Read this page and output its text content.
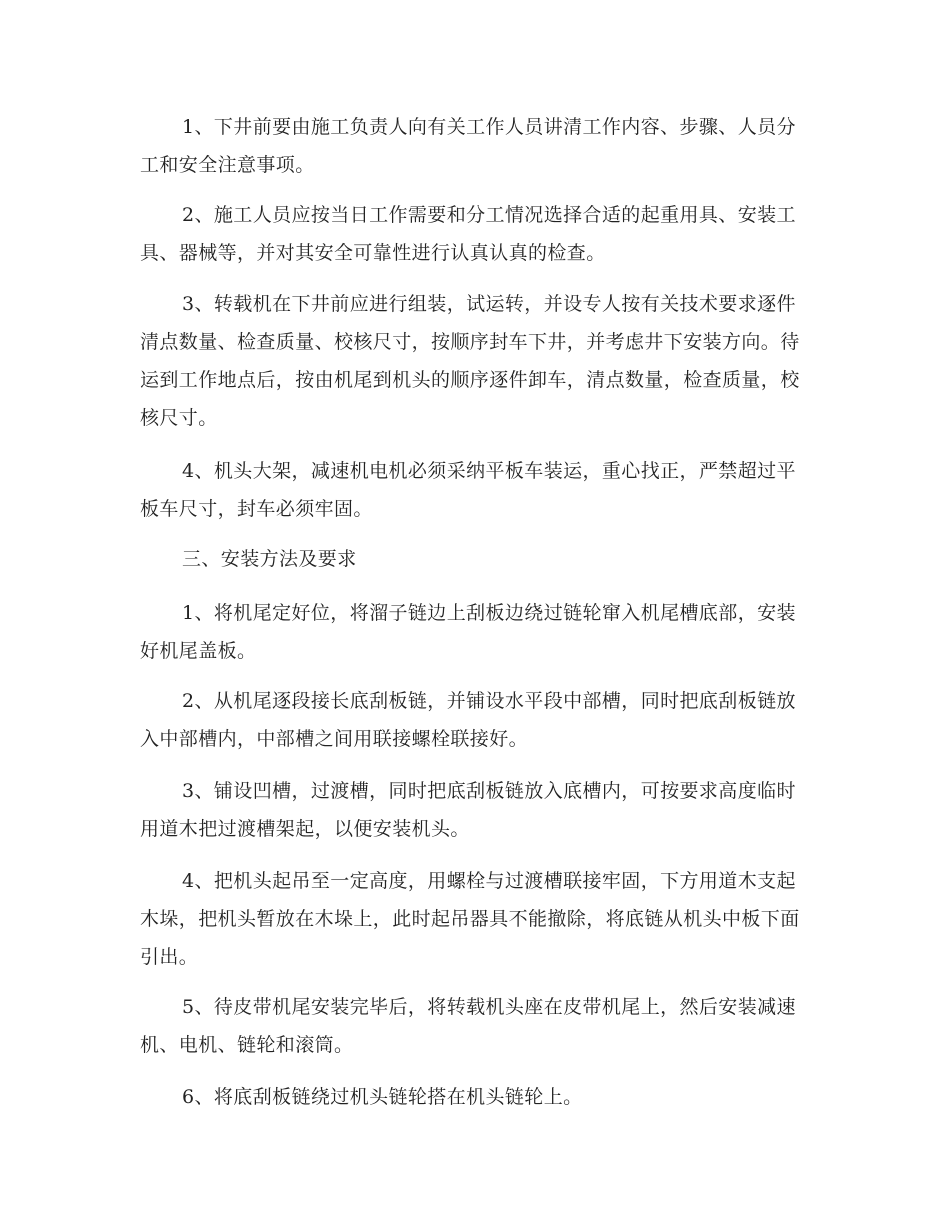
1、下井前要由施工负责人向有关工作人员讲清工作内容、步骤、人员分工和安全注意事项。

2、施工人员应按当日工作需要和分工情况选择合适的起重用具、安装工具、器械等，并对其安全可靠性进行认真认真的检查。

3、转载机在下井前应进行组装，试运转，并设专人按有关技术要求逐件清点数量、检查质量、校核尺寸，按顺序封车下井，并考虑井下安装方向。待运到工作地点后，按由机尾到机头的顺序逐件卸车，清点数量，检查质量，校核尺寸。

4、机头大架，减速机电机必须采纳平板车装运，重心找正，严禁超过平板车尺寸，封车必须牢固。

三、安装方法及要求

1、将机尾定好位，将溜子链边上刮板边绕过链轮窜入机尾槽底部，安装好机尾盖板。

2、从机尾逐段接长底刮板链，并铺设水平段中部槽，同时把底刮板链放入中部槽内，中部槽之间用联接螺栓联接好。

3、铺设凹槽，过渡槽，同时把底刮板链放入底槽内，可按要求高度临时用道木把过渡槽架起，以便安装机头。

4、把机头起吊至一定高度，用螺栓与过渡槽联接牢固，下方用道木支起木垛，把机头暂放在木垛上，此时起吊器具不能撤除，将底链从机头中板下面引出。

5、待皮带机尾安装完毕后，将转载机头座在皮带机尾上，然后安装减速机、电机、链轮和滚筒。

6、将底刮板链绕过机头链轮搭在机头链轮上。
